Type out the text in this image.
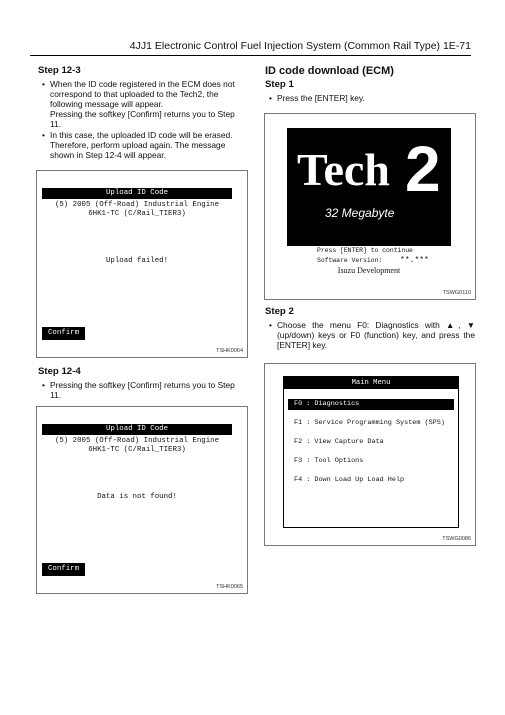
4JJ1 Electronic Control Fuel Injection System (Common Rail Type) 1E-71
Step 12-3

• When the ID code registered in the ECM does not correspond to that uploaded to the Tech2, the following message will appear.

Pressing the softkey [Confirm] returns you to Step 11.

• In this case, the uploaded ID code will be erased. Therefore, perform upload again. The message shown in Step 12-4 will appear.
Upload ID Code
(5) 2005 (Off-Road) Industrial Engine
6HK1-TC (C/Rail_TIER3)
Upload failed!
Confirm
TSHK0064
Step 12-4
• Pressing the softkey [Confirm] returns you to Step 11.
Upload ID Code
(5) 2005 (Off-Road) Industrial Engine
6HK1-TC (C/Rail_TIER3)
Data is not found!
Confirm
TSHK0065
ID code download (ECM)
Step 1
• Press the [ENTER] key.
Tech 2
32 Megabyte
Press [ENTER] to continue
Software Version: **.***
Isuzu Development
TSWG0110
Step 2
• Choose the menu F0: Diagnostics with ▲, ▼ (up/down) keys or F0 (function) key, and press the [ENTER] key.
Main Menu
F0 : Diagnostics
F1 : Service Programming System (SPS)
F2 : View Capture Data
F3 : Tool Options
F4 : Down Load Up Load Help
TSWG0086
